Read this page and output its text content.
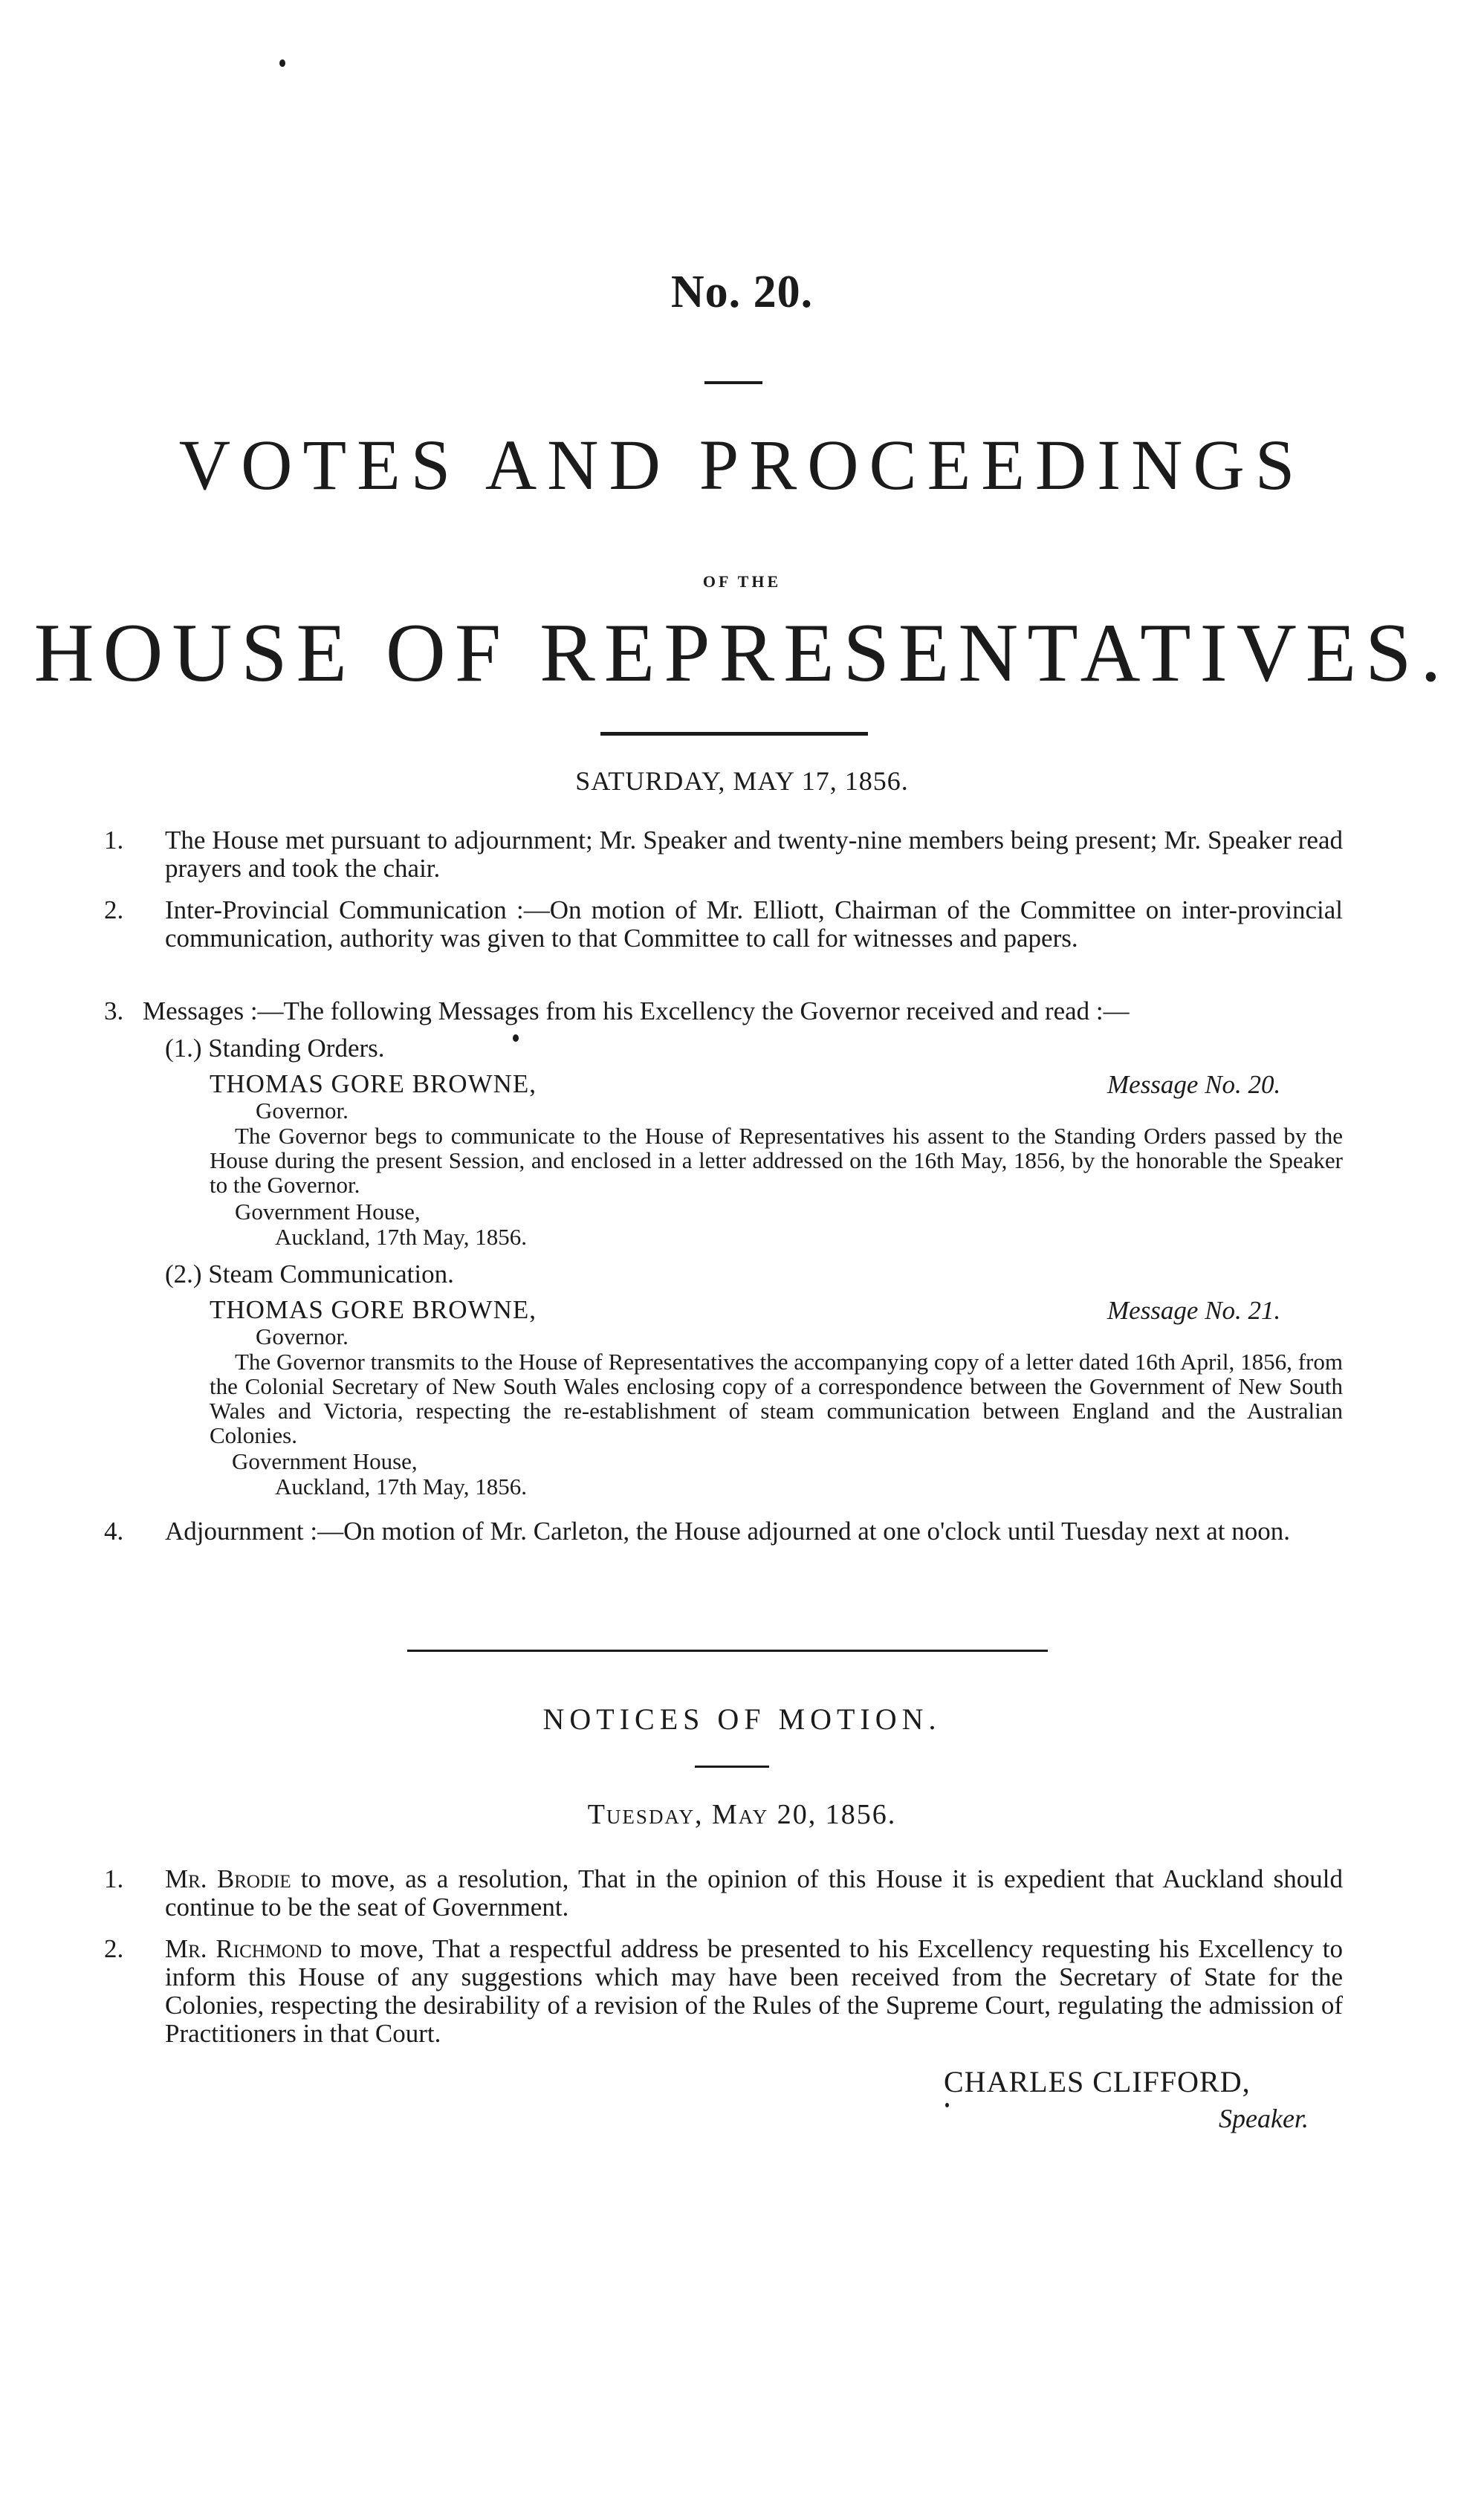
No. 20.
VOTES AND PROCEEDINGS
OF THE
HOUSE OF REPRESENTATIVES.
SATURDAY, MAY 17, 1856.
1.	The House met pursuant to adjournment; Mr. Speaker and twenty-nine members being present; Mr. Speaker read prayers and took the chair.
2.	Inter-Provincial Communication :—On motion of Mr. Elliott, Chairman of the Committee on inter-provincial communication, authority was given to that Committee to call for witnesses and papers.
3. Messages :—The following Messages from his Excellency the Governor received and read :—
(1.) Standing Orders.
THOMAS GORE BROWNE,	Message No. 20.
Governor.
The Governor begs to communicate to the House of Representatives his assent to the Standing Orders passed by the House during the present Session, and enclosed in a letter addressed on the 16th May, 1856, by the honorable the Speaker to the Governor.
Government House,
Auckland, 17th May, 1856.
(2.) Steam Communication.
THOMAS GORE BROWNE,	Message No. 21.
Governor.
The Governor transmits to the House of Representatives the accompanying copy of a letter dated 16th April, 1856, from the Colonial Secretary of New South Wales enclosing copy of a correspondence between the Government of New South Wales and Victoria, respecting the re-establishment of steam communication between England and the Australian Colonies.
Government House,
Auckland, 17th May, 1856.
4.	Adjournment :—On motion of Mr. Carleton, the House adjourned at one o'clock until Tuesday next at noon.
NOTICES OF MOTION.
Tuesday, May 20, 1856.
1.	Mr. Brodie to move, as a resolution, That in the opinion of this House it is expedient that Auckland should continue to be the seat of Government.
2.	Mr. Richmond to move, That a respectful address be presented to his Excellency requesting his Excellency to inform this House of any suggestions which may have been received from the Secretary of State for the Colonies, respecting the desirability of a revision of the Rules of the Supreme Court, regulating the admission of Practitioners in that Court.
CHARLES CLIFFORD,
Speaker.
